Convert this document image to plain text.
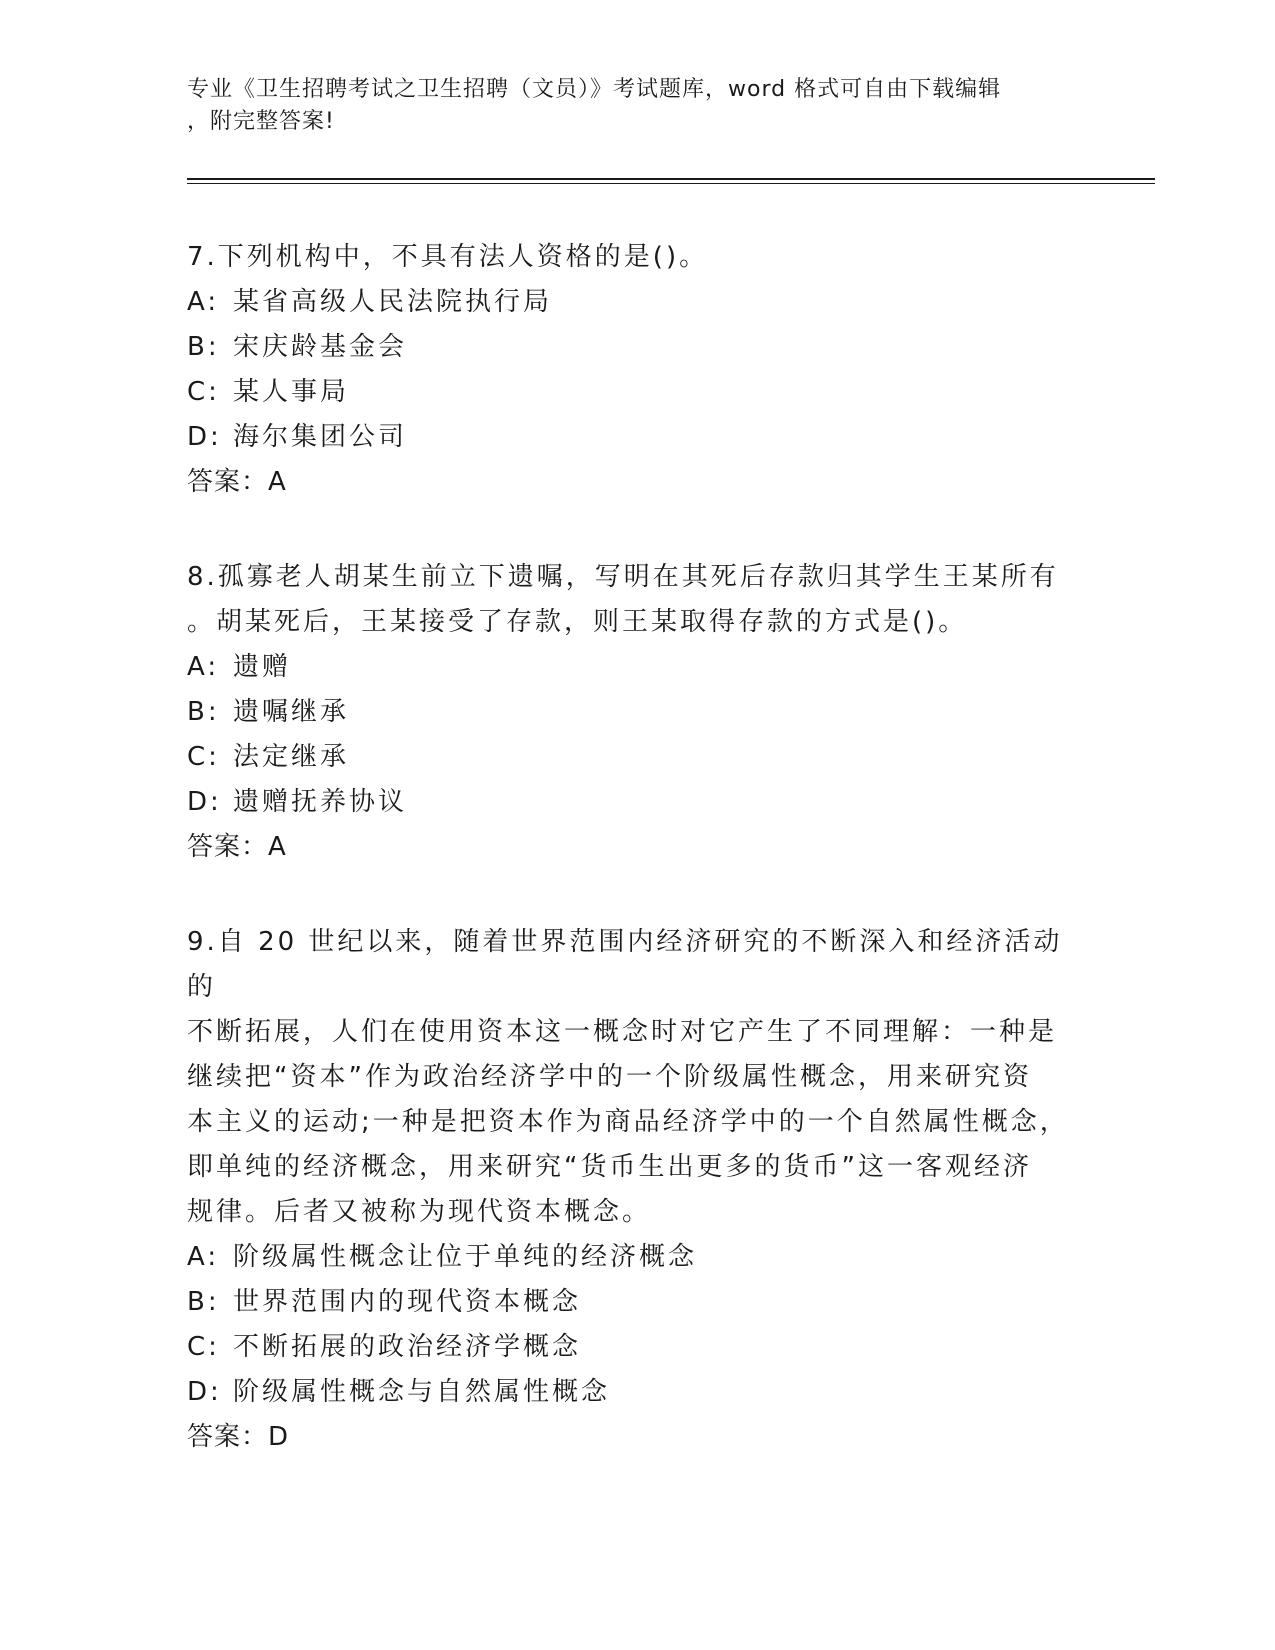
专业《卫生招聘考试之卫生招聘（文员）》考试题库，word 格式可自由下载编辑
，附完整答案!

7.下列机构中，不具有法人资格的是()。

A: 某省高级人民法院执行局

B: 宋庆龄基金会

C: 某人事局

D: 海尔集团公司

答案：A

8.孤寡老人胡某生前立下遗嘱，写明在其死后存款归其学生王某所有

。胡某死后，王某接受了存款，则王某取得存款的方式是()。

A: 遗赠

B: 遗嘱继承

C: 法定继承

D: 遗赠抚养协议

答案：A

9.自 20 世纪以来，随着世界范围内经济研究的不断深入和经济活动的

不断拓展，人们在使用资本这一概念时对它产生了不同理解：一种是

继续把“资本”作为政治经济学中的一个阶级属性概念，用来研究资

本主义的运动;一种是把资本作为商品经济学中的一个自然属性概念，

即单纯的经济概念，用来研究“货币生出更多的货币”这一客观经济

规律。后者又被称为现代资本概念。

A: 阶级属性概念让位于单纯的经济概念

B: 世界范围内的现代资本概念

C: 不断拓展的政治经济学概念

D: 阶级属性概念与自然属性概念

答案：D
